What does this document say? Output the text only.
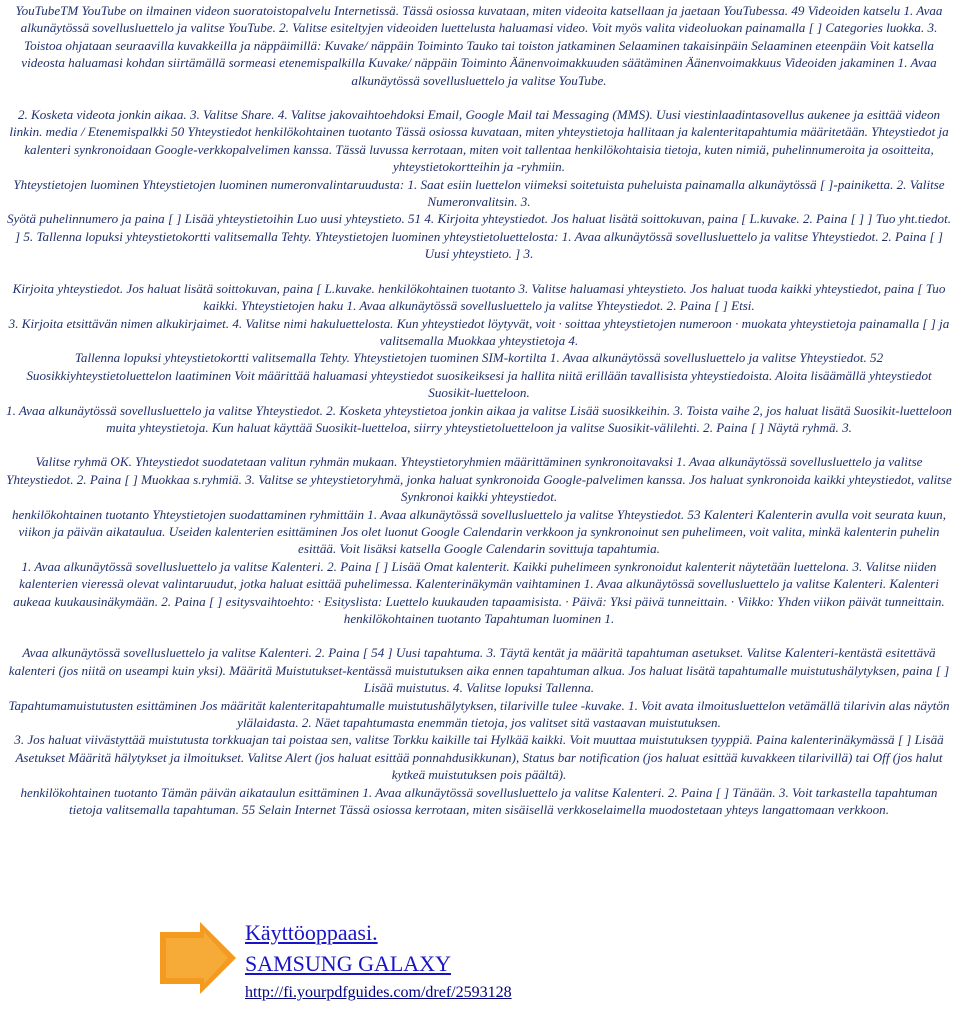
YouTubeTM YouTube on ilmainen videon suoratoistopalvelu Internetissä. Tässä osiossa kuvataan, miten videoita katsellaan ja jaetaan YouTubessa. 49 Videoiden katselu 1. Avaa alkunäytössä sovellusluettelo ja valitse YouTube. 2. Valitse esiteltyjen videoiden luettelusta haluamasi video. Voit myös valita videoluokan painamalla [ ] Categories luokka. 3. Toistoa ohjataan seuraavilla kuvakkeilla ja näppäimillä: Kuvake/ näppäin Toiminto Tauko tai toiston jatkaminen Selaaminen takaisinpäin Selaaminen eteenpäin Voit katsella videosta haluamasi kohdan siirtämällä sormeasi etenemispalkilla Kuvake/ näppäin Toiminto Äänenvoimakkuuden säätäminen Äänenvoimakkuus Videoiden jakaminen 1. Avaa alkunäytössä sovellusluettelo ja valitse YouTube.

2. Kosketa videota jonkin aikaa. 3. Valitse Share. 4. Valitse jakovaihtoehdoksi Email, Google Mail tai Messaging (MMS). Uusi viestinlaadintasovellus aukenee ja esittää videon linkin. media / Etenemispalkki 50 Yhteystiedot henkilökohtainen tuotanto Tässä osiossa kuvataan, miten yhteystietoja hallitaan ja kalenteritapahtumia määritetään. Yhteystiedot ja kalenteri synkronoidaan Google-verkkopalvelimen kanssa. Tässä luvussa kerrotaan, miten voit tallentaa henkilökohtaisia tietoja, kuten nimiä, puhelinnumeroita ja osoitteita, yhteystietokortteihin ja -ryhmiin.

Yhteystietojen luominen Yhteystietojen luominen numeronvalintaruudusta: 1. Saat esiin luettelon viimeksi soitetuista puheluista painamalla alkunäytössä [ ]-painiketta. 2. Valitse Numeronvalitsin. 3.

Syötä puhelinnumero ja paina [ ] Lisää yhteystietoihin Luo uusi yhteystieto. 51 4. Kirjoita yhteystiedot. Jos haluat lisätä soittokuvan, paina [ L.kuvake. 2. Paina [ ] ] Tuo yht.tiedot. ] 5. Tallenna lopuksi yhteystietokortti valitsemalla Tehty. Yhteystietojen luominen yhteystietoluettelosta: 1. Avaa alkunäytössä sovellusluettelo ja valitse Yhteystiedot. 2. Paina [ ] Uusi yhteystieto. ] 3.

Kirjoita yhteystiedot. Jos haluat lisätä soittokuvan, paina [ L.kuvake. henkilökohtainen tuotanto 3. Valitse haluamasi yhteystieto. Jos haluat tuoda kaikki yhteystiedot, paina [ Tuo kaikki. Yhteystietojen haku 1. Avaa alkunäytössä sovellusluettelo ja valitse Yhteystiedot. 2. Paina [ ] Etsi.

3. Kirjoita etsittävän nimen alkukirjaimet. 4. Valitse nimi hakuluettelosta. Kun yhteystiedot löytyvät, voit · soittaa yhteystietojen numeroon · muokata yhteystietoja painamalla [ ] ja valitsemalla Muokkaa yhteystietoja 4.

Tallenna lopuksi yhteystietokortti valitsemalla Tehty. Yhteystietojen tuominen SIM-kortilta 1. Avaa alkunäytössä sovellusluettelo ja valitse Yhteystiedot. 52 Suosikkiyhteystietoluettelon laatiminen Voit määrittää haluamasi yhteystiedot suosikeiksesi ja hallita niitä erillään tavallisista yhteystiedoista. Aloita lisäämällä yhteystiedot Suosikit-luetteloon.

1. Avaa alkunäytössä sovellusluettelo ja valitse Yhteystiedot. 2. Kosketa yhteystietoa jonkin aikaa ja valitse Lisää suosikkeihin. 3. Toista vaihe 2, jos haluat lisätä Suosikit-luetteloon muita yhteystietoja. Kun haluat käyttää Suosikit-luetteloa, siirry yhteystietoluetteloon ja valitse Suosikit-välilehti. 2. Paina [ ] Näytä ryhmä. 3.

Valitse ryhmä OK. Yhteystiedot suodatetaan valitun ryhmän mukaan. Yhteystietoryhmien määrittäminen synkronoitavaksi 1. Avaa alkunäytössä sovellusluettelo ja valitse Yhteystiedot. 2. Paina [ ] Muokkaa s.ryhmiä. 3. Valitse se yhteystietoryhmä, jonka haluat synkronoida Google-palvelimen kanssa. Jos haluat synkronoida kaikki yhteystiedot, valitse Synkronoi kaikki yhteystiedot.

henkilökohtainen tuotanto Yhteystietojen suodattaminen ryhmittäin 1. Avaa alkunäytössä sovellusluettelo ja valitse Yhteystiedot. 53 Kalenteri Kalenterin avulla voit seurata kuun, viikon ja päivän aikataulua. Useiden kalenterien esittäminen Jos olet luonut Google Calendarin verkkoon ja synkronoinut sen puhelimeen, voit valita, minkä kalenterin puhelin esittää. Voit lisäksi katsella Google Calendarin sovittuja tapahtumia.

1. Avaa alkunäytössä sovellusluettelo ja valitse Kalenteri. 2. Paina [ ] Lisää Omat kalenterit. Kaikki puhelimeen synkronoidut kalenterit näytetään luettelona. 3. Valitse niiden kalenterien vieressä olevat valintaruudut, jotka haluat esittää puhelimessa. Kalenterinäkymän vaihtaminen 1. Avaa alkunäytössä sovellusluettelo ja valitse Kalenteri. Kalenteri aukeaa kuukausinäkymään. 2. Paina [ ] esitysvaihtoehto: · Esityslista: Luettelo kuukauden tapaamisista. · Päivä: Yksi päivä tunneittain. · Viikko: Yhden viikon päivät tunneittain. henkilökohtainen tuotanto Tapahtuman luominen 1.

Avaa alkunäytössä sovellusluettelo ja valitse Kalenteri. 2. Paina [ 54 ] Uusi tapahtuma. 3. Täytä kentät ja määritä tapahtuman asetukset. Valitse Kalenteri-kentästä esitettävä kalenteri (jos niitä on useampi kuin yksi). Määritä Muistutukset-kentässä muistutuksen aika ennen tapahtuman alkua. Jos haluat lisätä tapahtumalle muistutushälytyksen, paina [ ] Lisää muistutus. 4. Valitse lopuksi Tallenna.

Tapahtumamuistutusten esittäminen Jos määrität kalenteritapahtumalle muistutushälytyksen, tilariville tulee -kuvake. 1. Voit avata ilmoitusluettelon vetämällä tilarivin alas näytön ylälaidasta. 2. Näet tapahtumasta enemmän tietoja, jos valitset sitä vastaavan muistutuksen.

3. Jos haluat viivästyttää muistutusta torkkuajan tai poistaa sen, valitse Torkku kaikille tai Hylkää kaikki. Voit muuttaa muistutuksen tyyppiä. Paina kalenterinäkymässä [ ] Lisää Asetukset Määritä hälytykset ja ilmoitukset. Valitse Alert (jos haluat esittää ponnahdusikkunan), Status bar notification (jos haluat esittää kuvakkeen tilarivillä) tai Off (jos halut kytkeä muistutuksen pois päältä).

henkilökohtainen tuotanto Tämän päivän aikataulun esittäminen 1. Avaa alkunäytössä sovellusluettelo ja valitse Kalenteri. 2. Paina [ ] Tänään. 3. Voit tarkastella tapahtuman tietoja valitsemalla tapahtuman. 55 Selain Internet Tässä osiossa kerrotaan, miten sisäisellä verkkoselaimella muodostetaan yhteys langattomaan verkkoon.

Käyttöoppaasi.
SAMSUNG GALAXY
http://fi.yourpdfguides.com/dref/2593128
